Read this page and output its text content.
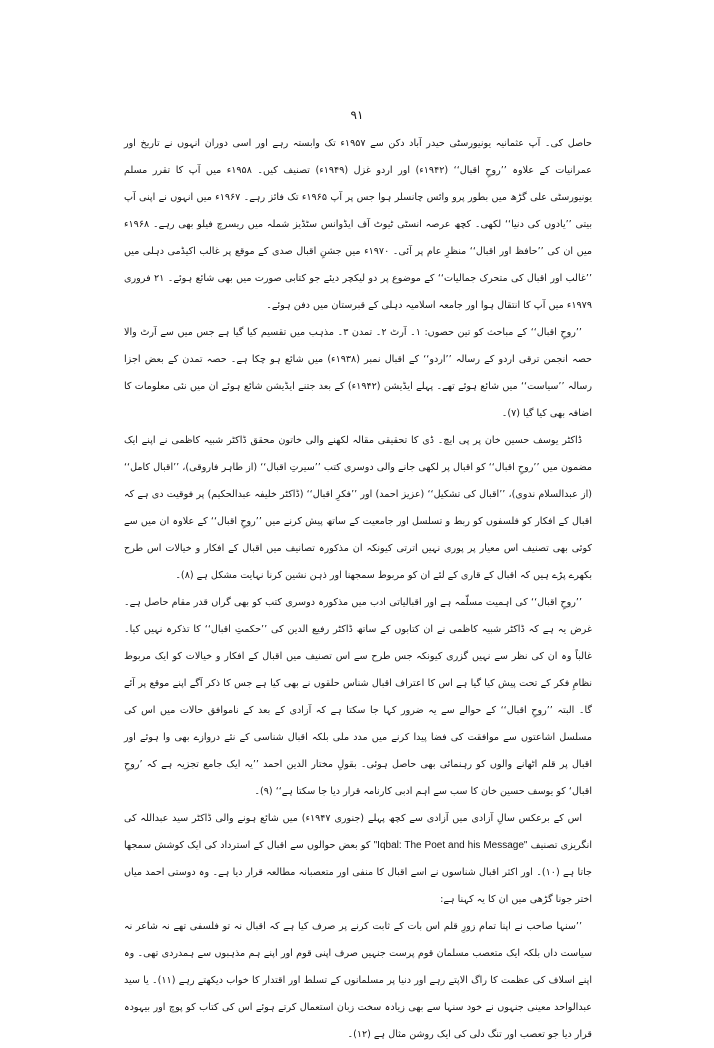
۹۱

حاصل کی۔ آپ عثمانیہ یونیورسٹی حیدر آباد دکن سے ۱۹۵۷ء تک وابستہ رہے اور اسی دوران انہوں نے تاریخ اور عمرانیات کے علاوہ ’’روحِ اقبال‘‘ (۱۹۴۲ء) اور اردو غزل (۱۹۴۹ء) تصنیف کیں۔ ۱۹۵۸ء میں آپ کا تقرر مسلم یونیورسٹی علی گڑھ میں بطور پرو وائس چانسلر ہوا جس پر آپ ۱۹۶۵ء تک فائز رہے۔ ۱۹۶۷ء میں انہوں نے اپنی آپ بیتی ’’یادوں کی دنیا‘‘ لکھی۔ کچھ عرصہ انسٹی ٹیوٹ آف ایڈوانس سٹڈیز شملہ میں ریسرچ فیلو بھی رہے۔ ۱۹۶۸ء میں ان کی ’’حافظ اور اقبال‘‘ منظرِ عام پر آئی۔ ۱۹۷۰ء میں جشنِ اقبال صدی کے موقع پر غالب اکیڈمی دہلی میں ’’غالب اور اقبال کی متحرک جمالیات‘‘ کے موضوع پر دو لیکچر دیئے جو کتابی صورت میں بھی شائع ہوئے۔ ۲۱ فروری ۱۹۷۹ء میں آپ کا انتقال ہوا اور جامعہ اسلامیہ دہلی کے قبرستان میں دفن ہوئے۔

’’روحِ اقبال‘‘ کے مباحث کو تین حصوں: ۱۔ آرٹ ۲۔ تمدن ۳۔ مذہب میں تقسیم کیا گیا ہے جس میں سے آرٹ والا حصہ انجمن ترقی اردو کے رسالہ ’’اردو‘‘ کے اقبال نمبر (۱۹۳۸ء) میں شائع ہو چکا ہے۔ حصہ تمدن کے بعض اجزا رسالہ ’’سیاست‘‘ میں شائع ہوئے تھے۔ پہلے ایڈیشن (۱۹۴۲ء) کے بعد جتنے ایڈیشن شائع ہوئے ان میں نئی معلومات کا اضافہ بھی کیا گیا (۷)۔

ڈاکٹر یوسف حسین خان پر پی ایچ۔ ڈی کا تحقیقی مقالہ لکھنے والی خاتون محقق ڈاکٹر شبیہ کاظمی نے اپنے ایک مضمون میں ’’روحِ اقبال‘‘ کو اقبال پر لکھی جانے والی دوسری کتب ’’سیرتِ اقبال‘‘ (از طاہر فاروقی)، ’’اقبال کامل‘‘ (از عبدالسلام ندوی)، ’’اقبال کی تشکیل‘‘ (عزیز احمد) اور ’’فکرِ اقبال‘‘ (ڈاکٹر خلیفہ عبدالحکیم) پر فوقیت دی ہے کہ اقبال کے افکار کو فلسفوں کو ربط و تسلسل اور جامعیت کے ساتھ پیش کرنے میں ’’روحِ اقبال‘‘ کے علاوہ ان میں سے کوئی بھی تصنیف اس معیار پر پوری نہیں اترتی کیونکہ ان مذکورہ تصانیف میں اقبال کے افکار و خیالات اس طرح بکھرے پڑے ہیں کہ اقبال کے قاری کے لئے ان کو مربوط سمجھنا اور ذہن نشین کرنا نہایت مشکل ہے (۸)۔

’’روحِ اقبال‘‘ کی اہمیت مسلّمہ ہے اور اقبالیاتی ادب میں مذکورہ دوسری کتب کو بھی گراں قدر مقام حاصل ہے۔ غرض یہ ہے کہ ڈاکٹر شبیہ کاظمی نے ان کتابوں کے ساتھ ڈاکٹر رفیع الدین کی ’’حکمتِ اقبال‘‘ کا تذکرہ نہیں کیا۔ غالباً وہ ان کی نظر سے نہیں گزری کیونکہ جس طرح سے اس تصنیف میں اقبال کے افکار و خیالات کو ایک مربوط نظامِ فکر کے تحت پیش کیا گیا ہے اس کا اعتراف اقبال شناس حلقوں نے بھی کیا ہے جس کا ذکر آگے اپنے موقع پر آئے گا۔ البتہ ’’روحِ اقبال‘‘ کے حوالے سے یہ ضرور کہا جا سکتا ہے کہ آزادی کے بعد کے ناموافق حالات میں اس کی مسلسل اشاعتوں سے موافقت کی فضا پیدا کرنے میں مدد ملی بلکہ اقبال شناسی کے نئے دروازے بھی وا ہوئے اور اقبال پر قلم اٹھانے والوں کو رہنمائی بھی حاصل ہوئی۔ بقولِ مختار الدین احمد ’’یہ ایک جامع تجزیہ ہے کہ ’روحِ اقبال‘ کو یوسف حسین خان کا سب سے اہم ادبی کارنامہ قرار دیا جا سکتا ہے‘‘ (۹)۔

اس کے برعکس سالِ آزادی میں آزادی سے کچھ پہلے (جنوری ۱۹۴۷ء) میں شائع ہونے والی ڈاکٹر سید عبداللہ کی انگریزی تصنیف "Iqbal: The Poet and his Message" کو بعض حوالوں سے اقبال کے استرداد کی ایک کوشش سمجھا جاتا ہے (۱۰)۔ اور اکثر اقبال شناسوں نے اسے اقبال کا منفی اور متعصبانہ مطالعہ قرار دیا ہے۔ وہ دوستی احمد میاں اختر جونا گڑھی میں ان کا یہ کہنا ہے:

’’سنہا صاحب نے اپنا تمام زورِ قلم اس بات کے ثابت کرنے پر صرف کیا ہے کہ اقبال نہ تو فلسفی تھے نہ شاعر نہ سیاست داں بلکہ ایک متعصب مسلمان قوم پرست جنہیں صرف اپنی قوم اور اپنے ہم مذہبوں سے ہمدردی تھی۔ وہ اپنے اسلاف کی عظمت کا راگ الاپتے رہے اور دنیا پر مسلمانوں کے تسلط اور اقتدار کا خواب دیکھتے رہے (۱۱)۔ یا سید عبدالواحد معینی جنہوں نے خود سنہا سے بھی زیادہ سخت زبان استعمال کرتے ہوئے اس کی کتاب کو پوچ اور بیہودہ قرار دیا جو تعصب اور تنگ دلی کی ایک روشن مثال ہے (۱۲)۔
